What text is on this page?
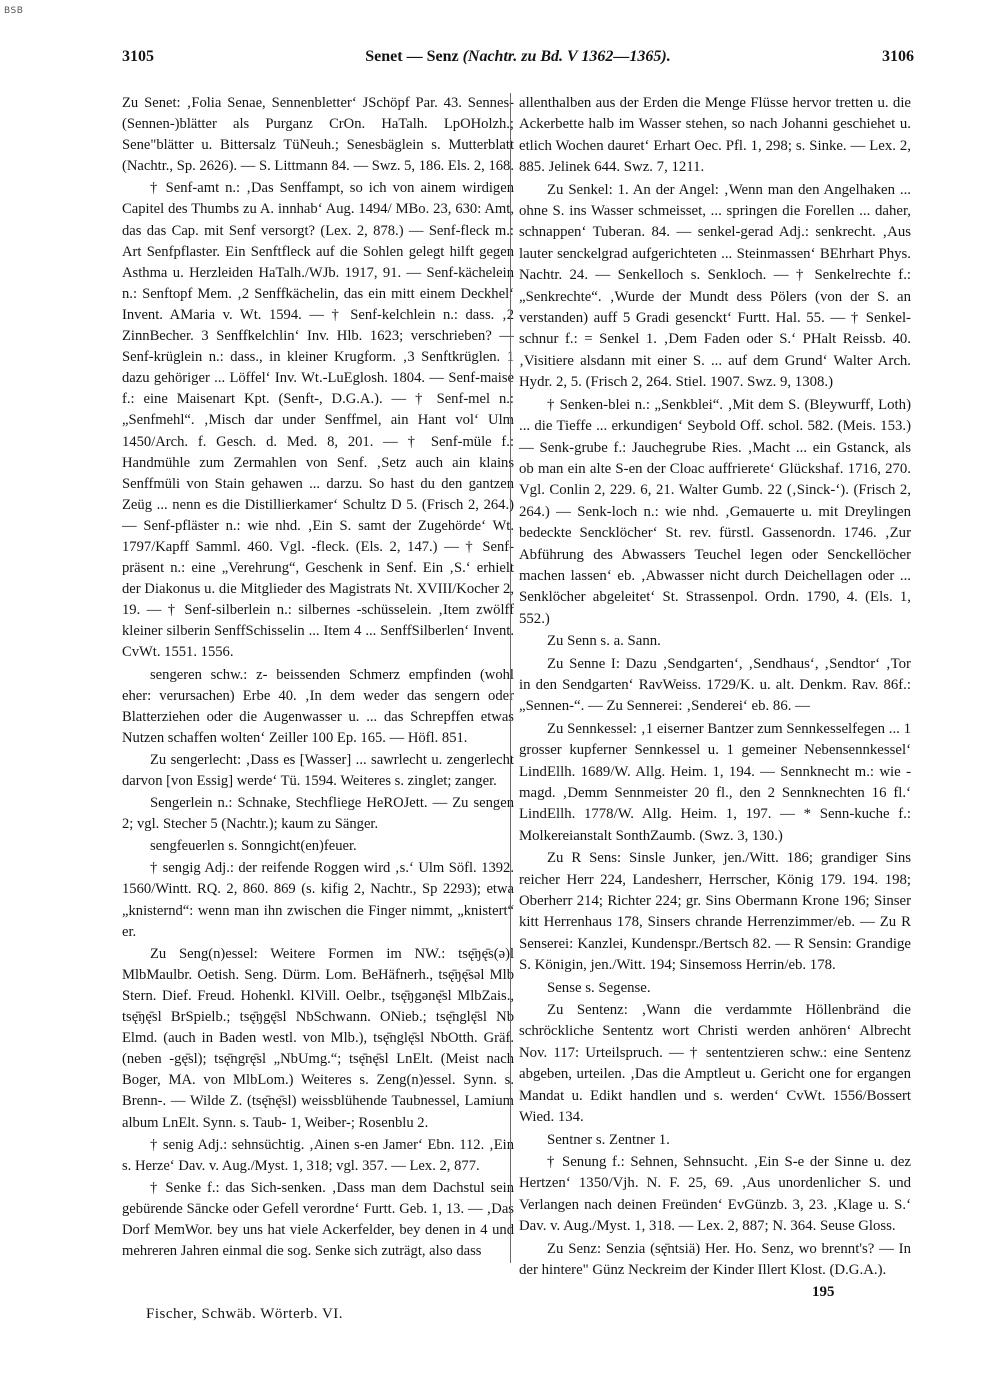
BSB
3105	Senet — Senz (Nachtr. zu Bd. V 1362—1365).	3106

Zu Senet: ‚Folia Senae, Sennenbletter‘ JSchöpf Par. 43. Sennes-(Sennen-)blätter als Purganz CrOn. HaTalh. LpOHolzh.; Sene"blätter u. Bittersalz TüNeuh.; Senesbäglein s. Mutterblatt (Nachtr., Sp. 2626). — S. Littmann 84. — Swz. 5, 186. Els. 2, 168.

† Senf-amt n.: ‚Das Senffampt, so ich von ainem wirdigen Capitel des Thumbs zu A. innhab‘ Aug. 1494/ MBo. 23, 630: Amt, das das Cap. mit Senf versorgt? (Lex. 2, 878.) — Senf-fleck m.: Art Senfpflaster. Ein Senftfleck auf die Sohlen gelegt hilft gegen Asthma u. Herzleiden HaTalh./WJb. 1917, 91. — Senf-kächelein n.: Senftopf Mem. ‚2 Senffkächelin, das ein mitt einem Deckhel‘ Invent. AMaria v. Wt. 1594. — † Senf-kelchlein n.: dass. ‚2 ZinnBecher. 3 Senffkelchlin‘ Inv. Hlb. 1623; verschrieben? — Senf-krüglein n.: dass., in kleiner Krugform. ‚3 Senftkrüglen. 1 dazu gehöriger ... Löffel‘ Inv. Wt.-LuEglosh. 1804. — Senf-maise f.: eine Maisenart Kpt. (Senft-, D.G.A.). — † Senf-mel n.: „Senfmehl“. ‚Misch dar under Senffmel, ain Hant vol‘ Ulm 1450/Arch. f. Gesch. d. Med. 8, 201. — † Senf-müle f.: Handmühle zum Zermahlen von Senf. ‚Setz auch ain klains Senffmüli von Stain gehawen ... darzu. So hast du den gantzen Zeüg ... nenn es die Distillierkamer‘ Schultz D 5. (Frisch 2, 264.) — Senf-pfläster n.: wie nhd. ‚Ein S. samt der Zugehörde‘ Wt. 1797/Kapff Samml. 460. Vgl. -fleck. (Els. 2, 147.) — † Senf-präsent n.: eine „Verehrung“, Geschenk in Senf. Ein ‚S.‘ erhielt der Diakonus u. die Mitglieder des Magistrats Nt. XVIII/Kocher 2, 19. — † Senf-silberlein n.: silbernes -schüsselein. ‚Item zwölff kleiner silberin SenffSchisselin ... Item 4 ... SenffSilberlen‘ Invent. CvWt. 1551. 1556.

sengeren schw.: z- beissenden Schmerz empfinden (wohl eher: verursachen) Erbe 40. ‚In dem weder das sengern oder Blatterziehen oder die Augenwasser u. ... das Schrepffen etwas Nutzen schaffen wolten‘ Zeiller 100 Ep. 165. — Höfl. 851.

Zu sengerlecht: ‚Dass es [Wasser] ... sawrlecht u. zengerlecht darvon [von Essig] werde‘ Tü. 1594. Weiteres s. zinglet; zanger.

Sengerlein n.: Schnake, Stechfliege HeROJett. — Zu sengen 2; vgl. Stecher 5 (Nachtr.); kaum zu Sänger.

sengfeuerlen s. Sonngicht(en)feuer.

† sengig Adj.: der reifende Roggen wird ‚s.‘ Ulm Söfl. 1392. 1560/Wintt. RQ. 2, 860. 869 (s. kifig 2, Nachtr., Sp 2293); etwa „knisternd“: wenn man ihn zwischen die Finger nimmt, „knistert“ er.

Zu Seng(n)essel: Weitere Formen im NW.: tsę̄ŋę̄s(ə)l MlbMaulbr. Oetish. Seng. Dürm. Lom. BeHäfnerh., tsę̄ŋę̄səl Mlb Stern. Dief. Freud. Hohenkl. KlVill. Oelbr., tsę̄ŋgənę̄sl MlbZais., tsę̄ŋę̄sl BrSpielb.; tsę̄ŋgę̄sl NbSchwann. ONieb.; tsę̄nglę̄sl Nb Elmd. (auch in Baden westl. von Mlb.), tsę̄nglę̄sl NbOtth. Gräf. (neben -gę̄sl); tsę̄ngrę̄sl „NbUmg.“; tsę̄nę̄sl LnElt. (Meist nach Boger, MA. von MlbLom.) Weiteres s. Zeng(n)essel. Synn. s. Brenn-. — Wilde Z. (tsę̄nę̄sl) weissblühende Taubnessel, Lamium album LnElt. Synn. s. Taub- 1, Weiber-; Rosenblu 2.

† senig Adj.: sehnsüchtig. ‚Ainen s-en Jamer‘ Ebn. 112. ‚Ein s. Herze‘ Dav. v. Aug./Myst. 1, 318; vgl. 357. — Lex. 2, 877.

† Senke f.: das Sich-senken. ‚Dass man dem Dachstul sein gebürende Sāncke oder Gefell verordne‘ Furtt. Geb. 1, 13. — ‚Das Dorf MemWor. bey uns hat viele Ackerfelder, bey denen in 4 und mehreren Jahren einmal die sog. Senke sich zuträgt, also dass

allenthalben aus der Erden die Menge Flüsse hervor tretten u. die Ackerbette halb im Wasser stehen, so nach Johanni geschiehet u. etlich Wochen dauret‘ Erhart Oec. Pfl. 1, 298; s. Sinke. — Lex. 2, 885. Jelinek 644. Swz. 7, 1211.

Zu Senkel: 1. An der Angel: ‚Wenn man den Angelhaken ... ohne S. ins Wasser schmeisset, ... springen die Forellen ... daher, schnappen‘ Tuberan. 84. — senkel-gerad Adj.: senkrecht. ‚Aus lauter senckelgrad aufgerichteten ... Steinmassen‘ BEhrhart Phys. Nachtr. 24. — Senkelloch s. Senkloch. — † Senkelrechte f.: „Senkrechte“. ‚Wurde der Mundt dess Pölers (von der S. an verstanden) auff 5 Gradi gesenckt‘ Furtt. Hal. 55. — † Senkel-schnur f.: = Senkel 1. ‚Dem Faden oder S.‘ PHalt Reissb. 40. ‚Visitiere alsdann mit einer S. ... auf dem Grund‘ Walter Arch. Hydr. 2, 5. (Frisch 2, 264. Stiel. 1907. Swz. 9, 1308.)

† Senken-blei n.: „Senkblei“. ‚Mit dem S. (Bleywurff, Loth) ... die Tieffe ... erkundigen‘ Seybold Off. schol. 582. (Meis. 153.) — Senk-grube f.: Jauchegrube Ries. ‚Macht ... ein Gstanck, als ob man ein alte S-en der Cloac auffrierete‘ Glückshaf. 1716, 270. Vgl. Conlin 2, 229. 6, 21. Walter Gumb. 22 (‚Sinck-‘). (Frisch 2, 264.) — Senk-loch n.: wie nhd. ‚Gemauerte u. mit Dreylingen bedeckte Sencklöcher‘ St. rev. fürstl. Gassenordn. 1746. ‚Zur Abführung des Abwassers Teuchel legen oder Senckellöcher machen lassen‘ eb. ‚Abwasser nicht durch Deichellagen oder ... Senklöcher abgeleitet‘ St. Strassenpol. Ordn. 1790, 4. (Els. 1, 552.)

Zu Senn s. a. Sann.

Zu Senne I: Dazu ‚Sendgarten‘, ‚Sendhaus‘, ‚Sendtor‘ ‚Tor in den Sendgarten‘ RavWeiss. 1729/K. u. alt. Denkm. Rav. 86f.: „Sennen-“. — Zu Sennerei: ‚Senderei‘ eb. 86. —

Zu Sennkessel: ‚1 eiserner Bantzer zum Sennkesselfegen ... 1 grosser kupferner Sennkessel u. 1 gemeiner Nebensennkessel‘ LindEllh. 1689/W. Allg. Heim. 1, 194. — Sennknecht m.: wie -magd. ‚Demm Sennmeister 20 fl., den 2 Sennknechten 16 fl.‘ LindEllh. 1778/W. Allg. Heim. 1, 197. — * Senn-kuche f.: Molkereianstalt SonthZaumb. (Swz. 3, 130.)

Zu R Sens: Sinsle Junker, jen./Witt. 186; grandiger Sins reicher Herr 224, Landesherr, Herrscher, König 179. 194. 198; Oberherr 214; Richter 224; gr. Sins Obermann Krone 196; Sinser kitt Herrenhaus 178, Sinsers chrande Herrenzimmer/eb. — Zu R Senserei: Kanzlei, Kundenspr./Bertsch 82. — R Sensin: Grandige S. Königin, jen./Witt. 194; Sinsemoss Herrin/eb. 178.

Sense s. Segense.

Zu Sentenz: ‚Wann die verdammte Höllenbränd die schröckliche Sententz wort Christi werden anhören‘ Albrecht Nov. 117: Urteilspruch. — † sententzieren schw.: eine Sentenz abgeben, urteilen. ‚Das die Amptleut u. Gericht one for ergangen Mandat u. Edikt handlen und s. werden‘ CvWt. 1556/Bossert Wied. 134.

Sentner s. Zentner 1.

† Senung f.: Sehnen, Sehnsucht. ‚Ein S-e der Sinne u. dez Hertzen‘ 1350/Vjh. N. F. 25, 69. ‚Aus unordenlicher S. und Verlangen nach deinen Freünden‘ EvGünzb. 3, 23. ‚Klage u. S.‘ Dav. v. Aug./Myst. 1, 318. — Lex. 2, 887; N. 364. Seuse Gloss.

Zu Senz: Senzia (sę̄ntsiä) Her. Ho. Senz, wo brennt's? — In der hintere" Günz Neckreim der Kinder Illert Klost. (D.G.A.).

Fischer, Schwäb. Wörterb. VI.
195
